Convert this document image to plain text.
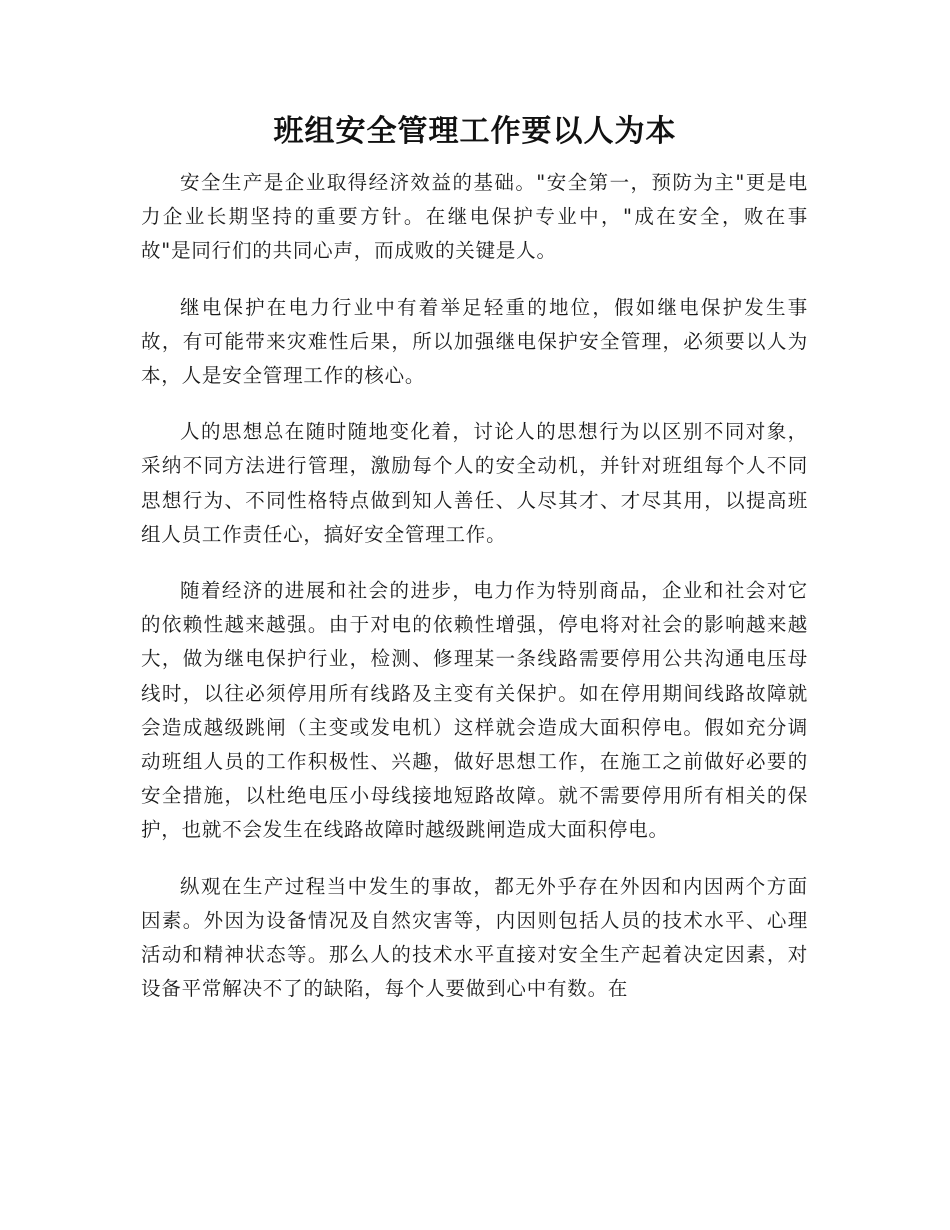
班组安全管理工作要以人为本

安全生产是企业取得经济效益的基础。"安全第一，预防为主"更是电力企业长期坚持的重要方针。在继电保护专业中，"成在安全，败在事故"是同行们的共同心声，而成败的关键是人。

继电保护在电力行业中有着举足轻重的地位，假如继电保护发生事故，有可能带来灾难性后果，所以加强继电保护安全管理，必须要以人为本，人是安全管理工作的核心。

人的思想总在随时随地变化着，讨论人的思想行为以区别不同对象，采纳不同方法进行管理，激励每个人的安全动机，并针对班组每个人不同思想行为、不同性格特点做到知人善任、人尽其才、才尽其用，以提高班组人员工作责任心，搞好安全管理工作。

随着经济的进展和社会的进步，电力作为特别商品，企业和社会对它的依赖性越来越强。由于对电的依赖性增强，停电将对社会的影响越来越大，做为继电保护行业，检测、修理某一条线路需要停用公共沟通电压母线时，以往必须停用所有线路及主变有关保护。如在停用期间线路故障就会造成越级跳闸（主变或发电机）这样就会造成大面积停电。假如充分调动班组人员的工作积极性、兴趣，做好思想工作，在施工之前做好必要的安全措施，以杜绝电压小母线接地短路故障。就不需要停用所有相关的保护，也就不会发生在线路故障时越级跳闸造成大面积停电。

纵观在生产过程当中发生的事故，都无外乎存在外因和内因两个方面因素。外因为设备情况及自然灾害等，内因则包括人员的技术水平、心理活动和精神状态等。那么人的技术水平直接对安全生产起着决定因素，对设备平常解决不了的缺陷，每个人要做到心中有数。在
